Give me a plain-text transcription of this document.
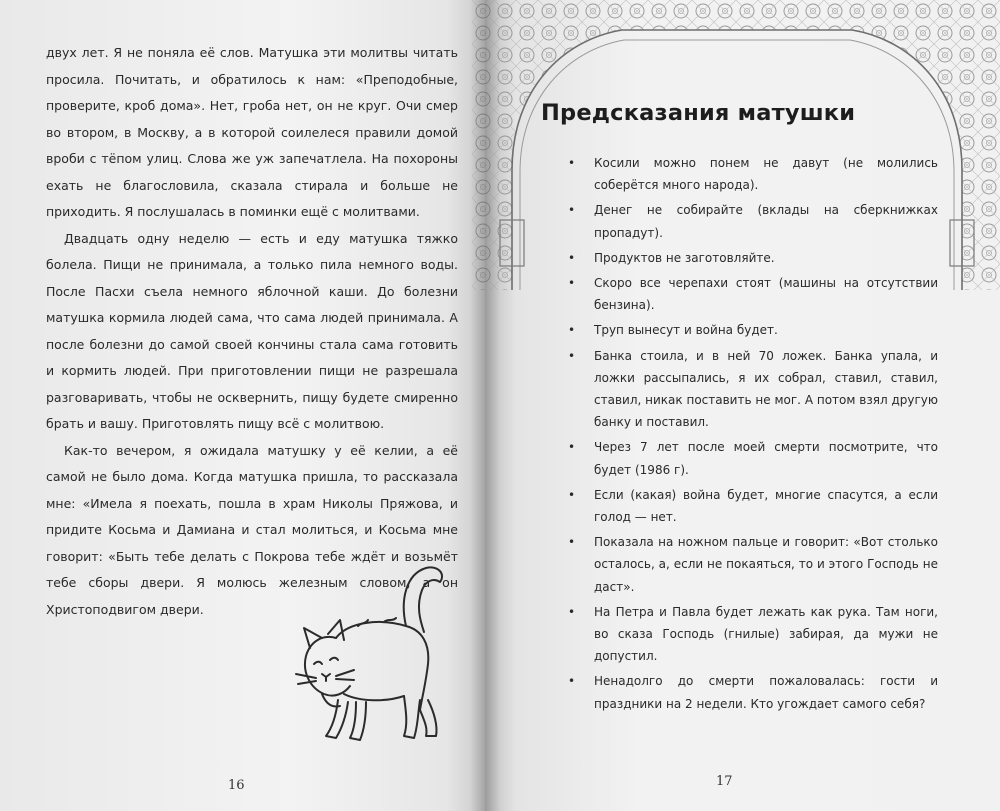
двух лет. Я не поняла её слов. Матушка эти молитвы читать просила. Почитать, и обратилось к нам: «Преподобные, проверите, кроб дома». Нет, гроба нет, он не круг. Очи смер во втором, в Москву, а в которой соилелеся правили домой вроби с тёпом улиц. Слова же уж запечатлела. На похороны ехать не благословила, сказала стирала и больше не приходить. Я послушалась в поминки ещё с молитвами.

Двадцать одну неделю — есть и еду матушка тяжко болела. Пищи не принимала, а только пила немного воды. После Пасхи съела немного яблочной каши. До болезни матушка кормила людей сама, что сама людей принимала. А после болезни до самой своей кончины стала сама готовить и кормить людей. При приготовлении пищи не разрешала разговаривать, чтобы не осквернить, пищу будете смиренно брать и вашу. Приготовлять пищу всё с молитвою.

Как-то вечером, я ожидала матушку у её келии, а её самой не было дома. Когда матушка пришла, то рассказала мне: «Имела я поехать, пошла в храм Николы Пряжова, и придите Косьма и Дамиана и стал молиться, и Косьма мне говорит: «Быть тебе делать с Покрова тебе ждёт и возьмёт тебе сборы двери. Я молюсь железным словом, а он Христоподвигом двери.

16
Предсказания матушки
• Косили можно понем не давут (не молились соберётся много народа).
• Денег не собирайте (вклады на сберкнижках пропадут).
• Продуктов не заготовляйте.
• Скоро все черепахи стоят (машины на отсутствии бензина).
• Труп вынесут и война будет.
• Банка стоила, и в ней 70 ложек. Банка упала, и ложки рассыпались, я их собрал, ставил, ставил, ставил, никак поставить не мог. А потом взял другую банку и поставил.
• Через 7 лет после моей смерти посмотрите, что будет (1986 г).
• Если (какая) война будет, многие спасутся, а если голод — нет.
• Показала на ножном пальце и говорит: «Вот столько осталось, а, если не покаяться, то и этого Господь не даст».
• На Петра и Павла будет лежать как рука. Там ноги, во сказа Господь (гнилые) забирая, да мужи не допустил.
• Ненадолго до смерти пожаловалась: гости и праздники на 2 недели. Кто угождает самого себя?
17
